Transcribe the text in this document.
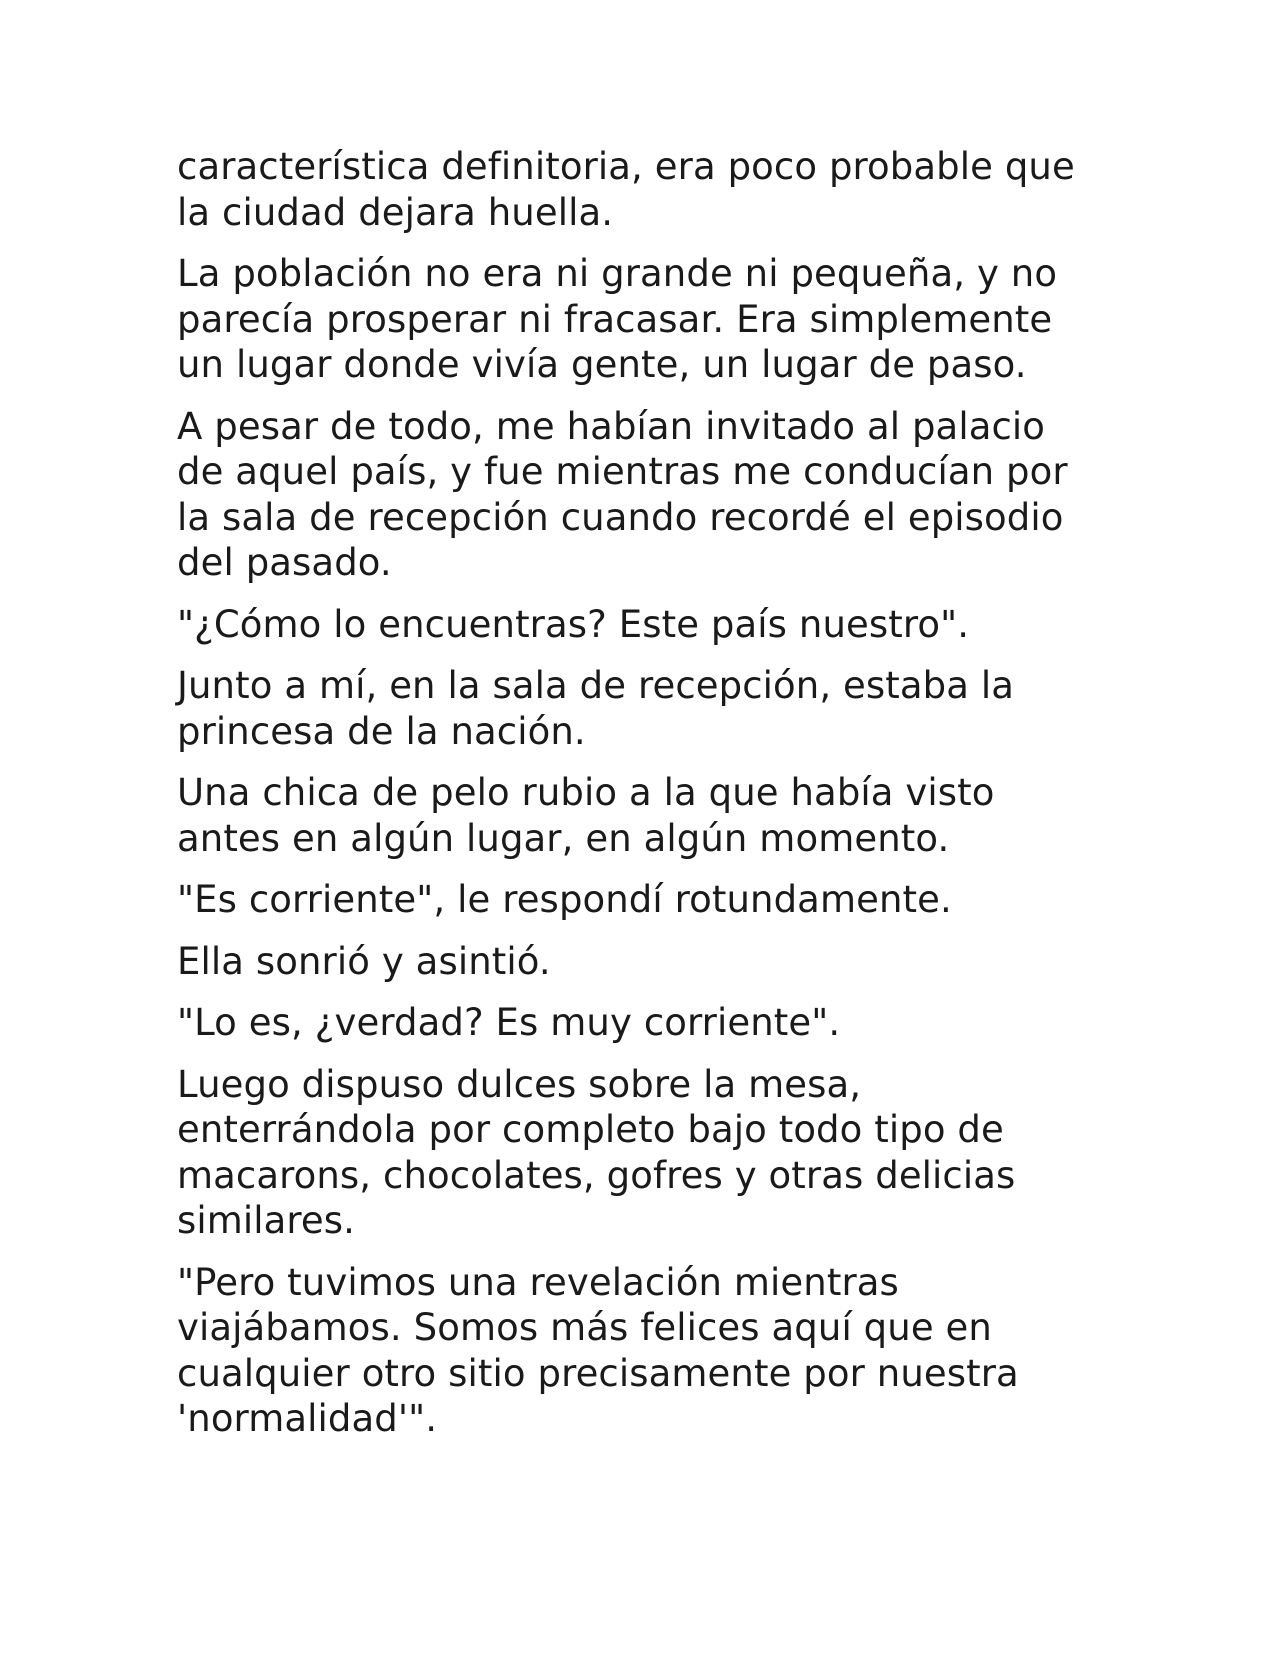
característica definitoria, era poco probable que la ciudad dejara huella.

La población no era ni grande ni pequeña, y no parecía prosperar ni fracasar. Era simplemente un lugar donde vivía gente, un lugar de paso.

A pesar de todo, me habían invitado al palacio de aquel país, y fue mientras me conducían por la sala de recepción cuando recordé el episodio del pasado.

"¿Cómo lo encuentras? Este país nuestro".

Junto a mí, en la sala de recepción, estaba la princesa de la nación.

Una chica de pelo rubio a la que había visto antes en algún lugar, en algún momento.

"Es corriente", le respondí rotundamente.

Ella sonrió y asintió.

"Lo es, ¿verdad? Es muy corriente".

Luego dispuso dulces sobre la mesa, enterrándola por completo bajo todo tipo de macarons, chocolates, gofres y otras delicias similares.

"Pero tuvimos una revelación mientras viajábamos. Somos más felices aquí que en cualquier otro sitio precisamente por nuestra 'normalidad'".
